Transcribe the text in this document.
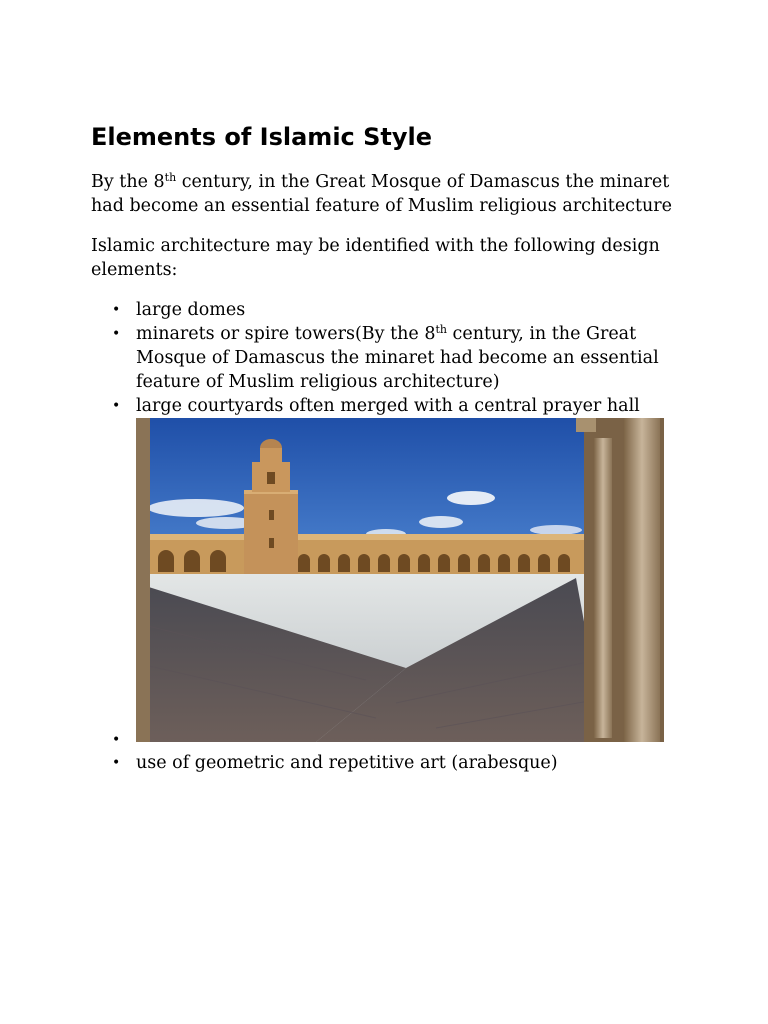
Elements of Islamic Style

By the 8th century, in the Great Mosque of Damascus the minaret had become an essential feature of Muslim religious architecture

Islamic architecture may be identified with the following design elements:

• large domes
• minarets or spire towers(By the 8th century, in the Great Mosque of Damascus the minaret had become an essential feature of Muslim religious architecture)
• large courtyards often merged with a central prayer hall
•
• use of geometric and repetitive art (arabesque)
